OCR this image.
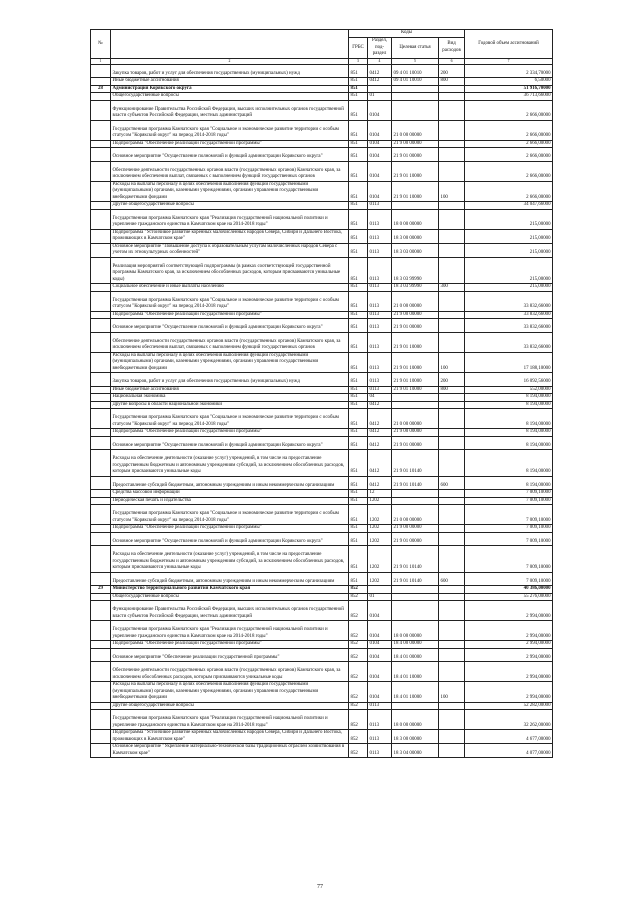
№		Коды				Годовой объем ассигнований
		ГРБС	Раздел, под-раздел	Целевая статья	Вид расходов	
1	2	3	4	5	6	7
	Закупка товаров, работ и услуг для обеспечения государственных (муниципальных) нужд	851	0412	09 4 01 10010	200	2 334,70000
	Иные бюджетные ассигнования	851	0412	09 4 01 10010	800	6,50000
28	Администрация Корякского округа	851				51 916,70000
	Общегосударственные вопросы	851	01			36 713,66000
	Функционирование Правительства Российской Федерации, высших исполнительных органов государственной власти субъектов Российской Федерации, местных администраций	851	0104			2 666,00000
	Государственная программа Камчатского края "Социальное и экономическое развитие территории с особым статусом "Корякский округ" на период 2014-2018 годы"	851	0104	21 0 00 00000		2 666,00000
	Подпрограмма "Обеспечение реализации государственной программы"	851	0104	21 9 00 00000		2 666,00000
	Основное мероприятие "Осуществление полномочий и функций администрации Корякского округа"	851	0104	21 9 01 00000		2 666,00000
	Обеспечение деятельности государственных органов власти (государственных органов) Камчатского края, за исключением обеспечения выплат, связанных с выполнением функций государственных органов	851	0104	21 9 01 10000		2 666,00000
	Расходы на выплаты персоналу в целях обеспечения выполнения функций государственными (муниципальными) органами, казенными учреждениями, органами управления государственными внебюджетными фондами	851	0104	21 9 01 10000	100	2 666,00000
	Другие общегосударственные вопросы	851	0113			34 047,66000
	Государственная программа Камчатского края "Реализация государственной национальной политики и укрепление гражданского единства в Камчатском крае на 2014-2018 годы"	851	0113	18 0 00 00000		215,00000
	Подпрограмма "Устойчивое развитие коренных малочисленных народов Севера, Сибири и Дальнего Востока, проживающих в Камчатском крае"	851	0113	18 3 00 00000		215,00000
	Основное мероприятие "Повышение доступа к образовательным услугам малочисленных народов Севера с учетом их этнокультурных особенностей"	851	0113	18 3 03 00000		215,00000
	Реализация мероприятий соответствующей подпрограммы (в рамках соответствующей государственной программы Камчатского края, за исключением обособленных расходов, которым присваиваются уникальные коды)	851	0113	18 3 03 99990		215,00000
	Социальное обеспечение и иные выплаты населению	851	0113	18 3 03 99990	300	215,00000
	Государственная программа Камчатского края "Социальное и экономическое развитие территории с особым статусом "Корякский округ" на период 2014-2018 годы"	851	0113	21 0 00 00000		33 832,66000
	Подпрограмма "Обеспечение реализации государственной программы"	851	0113	21 9 00 00000		33 832,66000
	Основное мероприятие "Осуществление полномочий и функций администрации Корякского округа"	851	0113	21 9 01 00000		33 832,66000
	Обеспечение деятельности государственных органов власти (государственных органов) Камчатского края, за исключением обеспечения выплат, связанных с выполнением функций государственных органов	851	0113	21 9 01 10000		33 832,66000
	Расходы на выплаты персоналу в целях обеспечения выполнения функций государственными (муниципальными) органами, казенными учреждениями, органами управления государственными внебюджетными фондами	851	0113	21 9 01 10000	100	17 188,10000
	Закупка товаров, работ и услуг для обеспечения государственных (муниципальных) нужд	851	0113	21 9 01 10000	200	16 092,56000
	Иные бюджетные ассигнования	851	0113	21 9 01 10000	800	552,00000
	Национальная экономика	851	04			8 194,00000
	Другие вопросы в области национальной экономики	851	0412			8 194,00000
	Государственная программа Камчатского края "Социальное и экономическое развитие территории с особым статусом "Корякский округ" на период 2014-2018 годы"	851	0412	21 0 00 00000		8 194,00000
	Подпрограмма "Обеспечение реализации государственной программы"	851	0412	21 9 00 00000		8 194,00000
	Основное мероприятие "Осуществление полномочий и функций администрации Корякского округа"	851	0412	21 9 01 00000		8 194,00000
	Расходы на обеспечение деятельности (оказание услуг) учреждений, в том числе на предоставление государственным бюджетным и автономным учреждениям субсидий, за исключением обособленных расходов, которым присваиваются уникальные коды	851	0412	21 9 01 10140		8 194,00000
	Предоставление субсидий бюджетным, автономным учреждениям и иным некоммерческим организациям	851	0412	21 9 01 10140	600	8 194,00000
	Средства массовой информации	851	12			7 009,10000
	Периодическая печать и издательства	851	1202			7 009,10000
	Государственная программа Камчатского края "Социальное и экономическое развитие территории с особым статусом "Корякский округ" на период 2014-2018 годы"	851	1202	21 0 00 00000		7 009,10000
	Подпрограмма "Обеспечение реализации государственной программы"	851	1202	21 9 00 00000		7 009,10000
	Основное мероприятие "Осуществление полномочий и функций администрации Корякского округа"	851	1202	21 9 01 00000		7 009,10000
	Расходы на обеспечение деятельности (оказание услуг) учреждений, в том числе на предоставление государственным бюджетным и автономным учреждениям субсидий, за исключением обособленных расходов, которым присваиваются уникальные коды	851	1202	21 9 01 10140		7 009,10000
	Предоставление субсидий бюджетным, автономным учреждениям и иным некоммерческим организациям	851	1202	21 9 01 10140	600	7 009,10000
29	Министерство территориального развития Камчатского края	852				40 386,00000
	Общегосударственные вопросы	852	01			55 276,00000
	Функционирование Правительства Российской Федерации, высших исполнительных органов государственной власти субъектов Российской Федерации, местных администраций	852	0104			2 994,00000
	Государственная программа Камчатского края "Реализация государственной национальной политики и укрепление гражданского единства в Камчатском крае на 2014-2018 годы"	852	0104	18 0 00 00000		2 994,00000
	Подпрограмма "Обеспечение реализации государственной программы"	852	0104	18 4 00 00000		2 994,00000
	Основное мероприятие "Обеспечение реализации государственной программы"	852	0104	18 4 01 00000		2 994,00000
	Обеспечение деятельности государственных органов власти (государственных органов) Камчатского края, за исключением обособленных расходов, которым присваиваются уникальные коды	852	0104	18 4 01 10000		2 994,00000
	Расходы на выплаты персоналу в целях обеспечения выполнения функций государственными (муниципальными) органами, казенными учреждениями, органами управления государственными внебюджетными фондами	852	0104	18 4 01 10000	100	2 994,00000
	Другие общегосударственные вопросы	852	0113			52 282,00000
	Государственная программа Камчатского края "Реализация государственной национальной политики и укрепление гражданского единства в Камчатском крае на 2014-2018 годы"	852	0113	18 0 00 00000		32 262,00000
	Подпрограмма "Устойчивое развитие коренных малочисленных народов Севера, Сибири и Дальнего Востока, проживающих в Камчатском крае"	852	0113	18 3 00 00000		4 677,00000
	Основное мероприятие "Укрепление материально-технической базы традиционных отраслей хозяйствования в Камчатском крае"	852	0113	18 3 04 00000		4 077,00000
77
